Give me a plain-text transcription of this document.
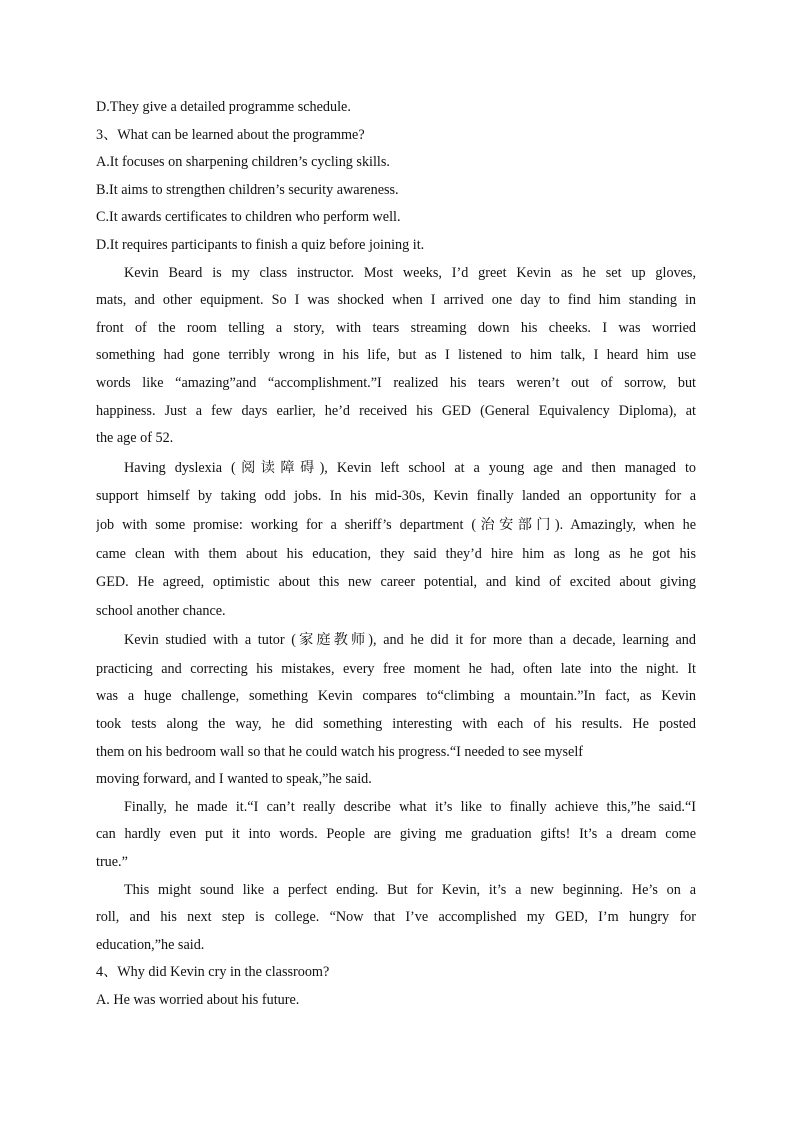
D.They give a detailed programme schedule.

3、What can be learned about the programme?

A.It focuses on sharpening children’s cycling skills.

B.It aims to strengthen children’s security awareness.

C.It awards certificates to children who perform well.

D.It requires participants to finish a quiz before joining it.

Kevin Beard is my class instructor. Most weeks, I’d greet Kevin as he set up gloves,

mats, and other equipment. So I was shocked when I arrived one day to find him standing in

front of the room telling a story, with tears streaming down his cheeks. I was worried

something had gone terribly wrong in his life, but as I listened to him talk, I heard him use

words like “amazing”and “accomplishment.”I realized his tears weren’t out of sorrow, but

happiness. Just a few days earlier, he’d received his GED (General Equivalency Diploma), at

the age of 52.

Having dyslexia (阅读障碍), Kevin left school at a young age and then managed to

support himself by taking odd jobs. In his mid-30s, Kevin finally landed an opportunity for a

job with some promise: working for a sheriff’s department (治安部门). Amazingly, when he

came clean with them about his education, they said they’d hire him as long as he got his

GED. He agreed, optimistic about this new career potential, and kind of excited about giving

school another chance.

Kevin studied with a tutor (家庭教师), and he did it for more than a decade, learning and

practicing and correcting his mistakes, every free moment he had, often late into the night. It

was a huge challenge, something Kevin compares to“climbing a mountain.”In fact, as Kevin

took tests along the way, he did something interesting with each of his results. He posted

them on his bedroom wall so that he could watch his progress.“I needed to see myself

moving forward, and I wanted to speak,”he said.

Finally, he made it.“I can’t really describe what it’s like to finally achieve this,”he said.“I

can hardly even put it into words. People are giving me graduation gifts! It’s a dream come

true.”

This might sound like a perfect ending. But for Kevin, it’s a new beginning. He’s on a

roll, and his next step is college. “Now that I’ve accomplished my GED, I’m hungry for

education,”he said.

4、Why did Kevin cry in the classroom?

A. He was worried about his future.
